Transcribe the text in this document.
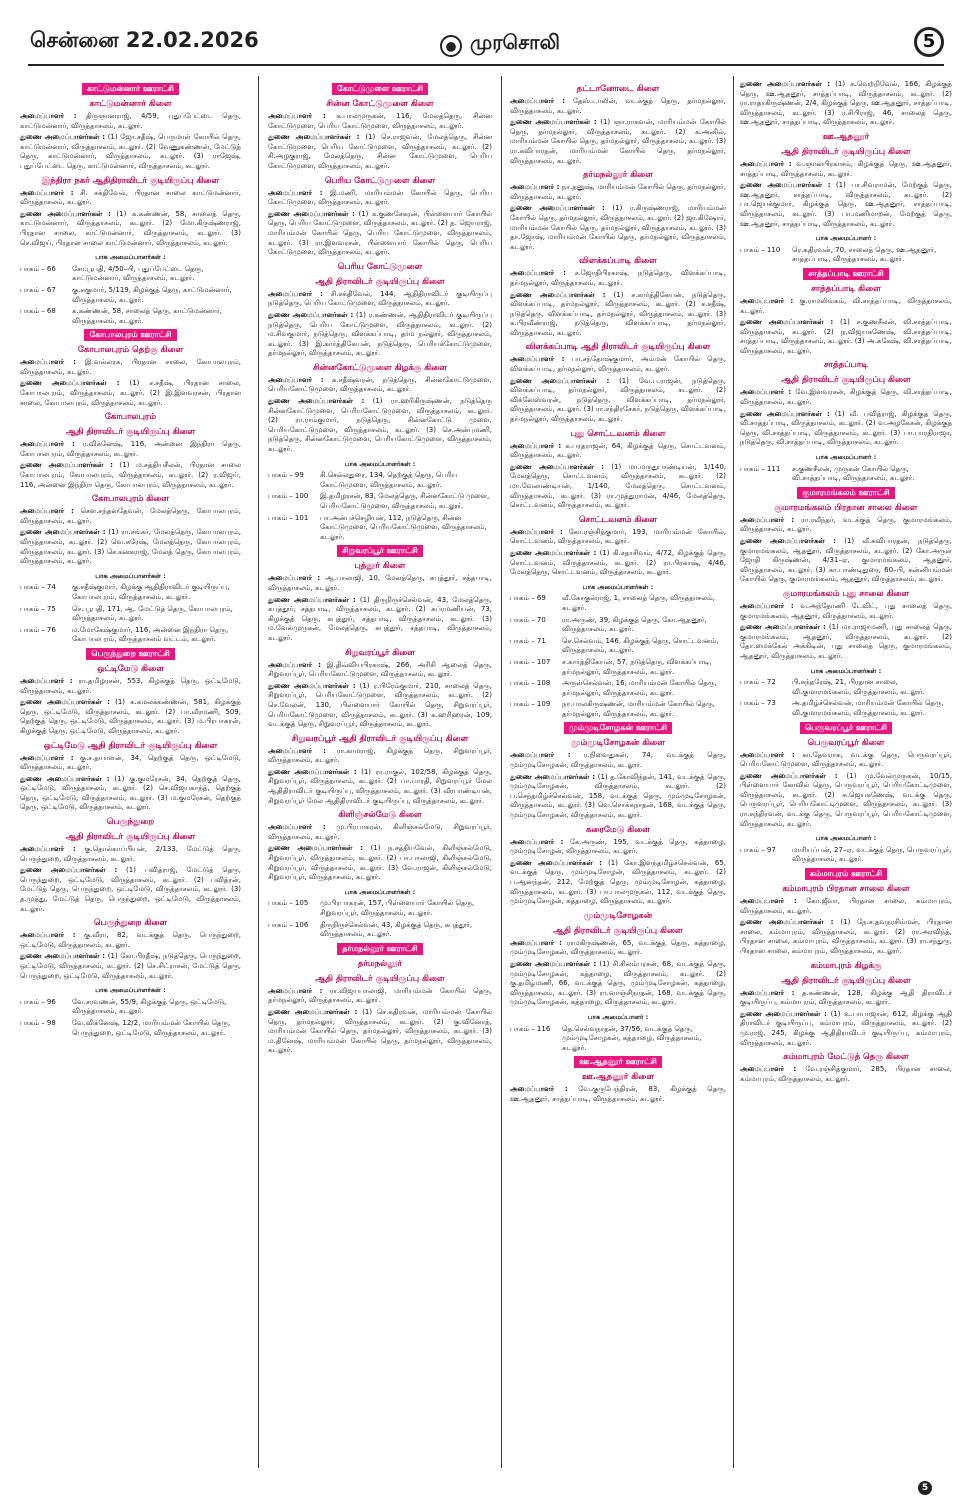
சென்னை 22.02.2026	முரசொலி	5
காட்டுமன்னார் ஊராட்சி
காட்டுமன்னார் கிளை

அமைப்பாளர் : திருஞானராஜ், 4/59, புதுப்பேட்டை தெரு, காட்டுமன்னார், விருத்தாசலம், கடலூர்.

துணை அமைப்பாளர்கள் : (1) ஜோ.சதீஷ், பெருமாள் கோயில் தெரு, காட்டுமன்னார், விருத்தாசலம், கடலூர். (2) வேணுகண்ணன், மேட்டுத் தெரு, காட்டுமன்னார், விருத்தாசலம், கடலூர். (3) ராஜேஷ், புதுப்பேட்டை தெரு, காட்டுமன்னார், விருத்தாசலம், கடலூர்.

இந்திரா நகர் ஆதிதிராவிடர் குடியிருப்பு கிளை

அமைப்பாளர் : சி. சக்திவேல், பிரதான சாலை காட்டுமன்னார், விருத்தாசலம், கடலூர்.

துணை அமைப்பாளர்கள் : (1) க.கண்ணன், 58, சாலைத் தெரு, காட்டுமன்னார், விருத்தாசலம், கடலூர். (2) மோ.கிருஷ்ணராஜ், பிரதான சாலை, காட்டுமன்னார், விருத்தாசலம், கடலூர். (3) செ.விஜய், பிரதான சாலை காட்டுமன்னார், விருத்தாசலம், கடலூர்.

பாக அமைப்பாளர்கள் :
பாகம் – 66	சோ.பூபதி, 4/50–பி, புதுப்பேட்டை தெரு, காட்டுமன்னார், விருத்தாசலம், கடலூர்.
பாகம் – 67	கு.சுகுமார், 5/119, கிழக்குத் தெரு, காட்டுமன்னார், விருத்தாசலம், கடலூர்.
பாகம் – 68	க.கண்ணன், 58, சாலைத் தெரு, காட்டுமன்னார், விருத்தாசலம், கடலூர்.
கோபாலபுரம் ஊராட்சி
கோபாலபுரம் தெற்கு கிளை

அமைப்பாளர் : இ.வல்லரசு, பிரதான சாலை, கோபாலபுரம், விருத்தாசலம், கடலூர்.

துணை அமைப்பாளர்கள் : (1) ச.சதீஷ், பிரதான சாலை, கோபாலபுரம், விருத்தாசலம், கடலூர். (2) இ.இளவரசன், பிரதான சாலை, கோபாலபுரம், விருத்தாசலம், கடலூர்.

கோபாலபுரம்
ஆதி திராவிடர் குடியிருப்பு கிளை

அமைப்பாளர் : ர.விக்னேஷ், 116, அன்னை இந்திரா தெரு, கோபாலபுரம், விருத்தாசலம், கடலூர்.

துணை அமைப்பாளர்கள் : (1) ம.சத்தியசீலன், பிரதான சாலை கோபாலபுரம், கோபாலபுரம், விருத்தாசலம், கடலூர். (2) ர.விஜய், 116, அன்னை இந்திரா தெரு, கோபாலபுரம், விருத்தாசலம், கடலூர்.

கோபாலபுரம் கிளை

அமைப்பாளர் : சௌ.சந்தனதேவன், மேலத்தெரு, கோபாலபுரம், விருத்தாசலம், கடலூர்.

துணை அமைப்பாளர்கள் : (1) ரா.சங்கர், மேலத்தெரு, கோபாலபுரம், விருத்தாசலம், கடலூர். (2) வெ.சுரேஷ், மேலத்தெரு, கோபாலபுரம், விருத்தாசலம், கடலூர். (3) செ.கனகராஜ், மேலத் தெரு, கோபாலபுரம், விருத்தாசலம், கடலூர்.

பாக அமைப்பாளர்கள் :
பாகம் – 74	கு.சதீஷ்குமார், கிழக்கு ஆதிதிராவிடர் குடியிருப்பு, கோபாலபுரம், விருத்தாசலம், கடலூர்.
பாகம் – 75	செ. பூபதி, 171, ஆ. மேட்டுத் தெரு, கோபாலபுரம், விருத்தாசலம், கடலூர்.
பாகம் – 76	ம.மோகேஷ்குமார், 116, அன்னை இந்திரா தெரு, கோபாலபுரம், விருத்தாசலம் வட்டம், கடலூர்.
பெருந்துறை ஊராட்சி
ஒட்டிமேடு கிளை

அமைப்பாளர் : ரா.தமிழரசன், 553, கிழக்குத் தெரு, ஒட்டிமேடு, விருத்தாசலம், கடலூர்.

துணை அமைப்பாளர்கள் : (1) க.கமலக்கண்ணன், 581, கிழக்குத் தெரு, ஒட்டிமேடு, விருத்தாசலம், கடலூர். (2) பா.வீரமணி, 509, தெற்குத் தெரு, ஒட்டிமேடு, விருத்தாசலம், கடலூர். (3) ம.பிரபாகரன், கிழக்குத் தெரு, ஒட்டிமேடு, விருத்தாசலம், கடலூர்.

ஒட்டிமேடு ஆதி திராவிடர் குடியிருப்பு கிளை

அமைப்பாளர் : கு.ச.தயாளன், 34, தெற்குத் தெரு, ஒட்டிமேடு, விருத்தாசலம், கடலூர்.

துணை அமைப்பாளர்கள் : (1) கு.குமரேசன், 34, தெற்குத் தெரு, ஒட்டிமேடு, விருத்தாசலம், கடலூர். (2) செ.விஜயகாந்த், தெற்குத் தெரு, ஒட்டிமேடு, விருத்தாசலம், கடலூர். (3) ம.குமரேசன், தெற்குத் தெரு, ஒட்டிமேடு, விருத்தாசலம், கடலூர்.

பெருந்துறை
ஆதி திராவிடர் குடியிருப்பு கிளை

அமைப்பாளர் : கு.தொல்காப்பியன், 2/133, மேட்டுத் தெரு, பெருந்துறை, விருத்தாசலம், கடலூர்.

துணை அமைப்பாளர்கள் : (1) பவித்ராஜ், மேட்டுத் தெரு, பெருந்துறை, ஒட்டிமேடு, விருத்தாசலம், கடலூர். (2) பவித்ரன், மேட்டுத் தெரு, பெருந்துறை, ஒட்டிமேடு, விருத்தாசலம், கடலூர். (3) த.முத்து, மேட்டுத் தெரு, பெருந்துறை, ஒட்டிமேடு, விருத்தாசலம், கடலூர்.

பெருந்துறை கிளை

அமைப்பாளர் : கு.வீரா, 82, வடக்குத் தெரு, பெருந்துறை, ஒட்டிமேடு, விருத்தாசலம், கடலூர்.

துணை அமைப்பாளர்கள் : (1) கோ.பிரதீஷ், நடுத்தெரு, பெருந்துறை, ஒட்டிமேடு, விருத்தாசலம், கடலூர். (2) செ.சிட்ராசன், மேட்டுத் தெரு, பெருந்துறை, ஒட்டிமேடு, விருத்தாசலம், கடலூர்.

பாக அமைப்பாளர்கள் :
பாகம் – 96	வே.சரவணன், 55/9, கிழக்குத் தெரு, ஒட்டிமேடு, விருத்தாசலம், கடலூர்.
பாகம் – 98	வே.விக்னேஷ், 12/2, மாரியம்மன் கோயில் தெரு, பெருந்துறை, ஒட்டிமேடு, விருத்தாசலம், கடலூர்.
கோட்டுமுளை ஊராட்சி
சின்ன கோட்டுமுளை கிளை

அமைப்பாளர் : க.பாலமுருகன், 116, மேலத்தெரு, சின்ன கோட்டுமுளை, பெரிய கோட்டுமுளை, விருத்தாசலம், கடலூர்.

துணை அமைப்பாளர்கள் : (1) செ.ராஜவன், மேலத்தெரு, சின்ன கோட்டுமுளை, பெரிய கோட்டுமுளை, விருத்தாசலம், கடலூர். (2) சி.அழகுராஜ், மேலத்தெரு, சின்ன கோட்டுமுளை, பெரிய கோட்டுமுளை, விருத்தாசலம், கடலூர்.

பெரிய கோட்டுமுளை கிளை

அமைப்பாளர் : இ.மணி, மாரியம்மன் கோயில் தெரு, பெரிய கோட்டுமுளை, விருத்தாசலம், கடலூர்.

துணை அமைப்பாளர்கள் : (1) க.குணசேகரன், பிள்ளையார் கோயில் தெரு, பெரிய கோட்டுமுளை, விருத்தாசலம், கடலூர். (2) த. ஜெயராஜ், மாரியம்மன் கோயில் தெரு, பெரிய கோட்டுமுளை, விருத்தாசலம், கடலூர். (3) ரா.இளவரசன், பிள்ளையார் கோயில் தெரு, பெரிய கோட்டுமுளை, விருத்தாசலம், கடலூர்.

பெரிய கோட்டுமுளை
ஆதி திராவிடர் குடியிருப்பு கிளை

அமைப்பாளர் : சி.சக்திவேல், 144, ஆதிதிராவிடர் குடியிருப்பு நடுத்தெரு, பெரிய கோட்டுமுளை, விருத்தாசலம், கடலூர்.

துணை அமைப்பாளர்கள் : (1) ர.கண்ணன், ஆதிதிராவிடர் குடியிருப்பு நடுத்தெரு, பெரிய கோட்டுமுளை, விருத்தாசலம், கடலூர். (2) ம.சிவகுமார், நடுத்தெரு, விளக்கப்பாடி, தர்ம நல்லூர், விருத்தாசலம், கடலூர். (3) இ.கார்த்திகேயன், நடுத்தெரு, பெரியக்கோட்டுமுளை, தர்மநல்லூர், விருத்தாசலம், கடலூர்.

சின்னகோட்டுமுளை கிழக்கு கிளை

அமைப்பாளர் : க.சதீஷ்வரன், நடுத்தெரு, சின்னகோட்டுமுளை, பெரியகோட்டுமுளை, விருத்தாசலம், கடலூர்.

துணை அமைப்பாளர்கள் : (1) ரா.ஹரிகிருஷ்ணன், நடுத்தெரு சின்னகோட்டுமுளை, பெரியகோட்டுமுளை, விருத்தாசலம், கடலூர். (2) ரா.ராம்குமார், நடுத்தெரு, சின்னகோட்டு முளை, பெரியகோட்டுமுளை, விருத்தாசலம், கடலூர். (3) செ.அன்புமணி, நடுத்தெரு, சின்னகோட்டுமுளை, பெரியகோட்டுமுளை, விருத்தாசலம், கடலூர்.

பாக அமைப்பாளர்கள் :
பாகம் – 99	சி.செல்லதுரை, 134, தெற்குத் தெரு, பெரிய கோட்டுமுளை, விருத்தாசலம், கடலூர்.
பாகம் – 100	இ.தமிழரசன், 83, மேலத்தெரு, சின்னகோட்டு முளை, பெரியகோட்டுமுளை, விருத்தாசலம், கடலூர்.
பாகம் – 101	பா.அன்புச்செழியன், 112, நடுத்தெரு, சின்ன கோட்டுமுளை, பெரியகோட்டுமுளை, விருத்தாசலம், கடலூர்.
சிறுவரப்பூர் ஊராட்சி
புத்தூர் கிளை

அமைப்பாளர் : ஆ.பாலாஜி, 10, மேலத்தெரு, கபுத்தூர், சத்தபாடி, விருத்தாசலம், கடலூர்.

துணை அமைப்பாளர்கள் : (1) திருநிருச்செல்வன், 43, மேலத்தெரு, கபுத்தூர், சத்தபாடி, விருத்தாசலம், கடலூர். (2) சுப்ரமணியன், 73, கிழக்குத் தெரு, கபுத்தூர், சத்தபாடி, விருத்தாசலம், கடலூர். (3) ம.வேல்முருகன், மேலத்தெரு, கபுத்தூர், சத்தபாடி, விருத்தாசலம், கடலூர்.

சிறுவரப்பூர் கிளை

அமைப்பாளர் : இ.திவ்வியபிரகாஷ், 266, அரிசி ஆலைத் தெரு, சிறுவரப்பூர், பெரியகோட்டுமுளை, விருத்தாசலம், கடலூர்.

துணை அமைப்பாளர்கள் : (1) ர.பிரேம்குமார், 210, சாலைத் தெரு, சிறுவரப்பூர், பெரியகோட்டுமுளை, விருத்தாசலம், கடலூர். (2) செ.வேலன், 130, பிள்ளையார் கோயில் தெரு, சிறுவரப்பூர், பெரியகோட்டுமுளை, விருத்தாசலம், கடலூர். (3) க.ஹரிஹரன், 109, வடக்குத் தெரு, சிறுவரப்பூர், விருத்தாசலம், கடலூர்.

சிறுவரப்பூர் ஆதி திராவிடர் குடியிருப்பு கிளை

அமைப்பாளர் : ரா.காமராஜ், கிழக்குத் தெரு, சிறுவரப்பூர், விருத்தாசலம், கடலூர்.

துணை அமைப்பாளர்கள் : (1) ரா.ராகுல், 102/58, கிழக்குத் தெரு, சிறுவரப்பூர், விருத்தாசலம், கடலூர். (2) பா.பாரதி, சிறுவரப்பூர் மேல ஆதிதிராவிடர் குடியிருப்பு, விருத்தாசலம், கடலூர். (3) வீரபாண்டியன், சிறுவரப்பூர் மேல ஆதிதிராவிடர் குடியிருப்பு, விருத்தாசலம், கடலூர்.

கிளிஞ்சல்மேடு கிளை

அமைப்பாளர் : மு.பிரபாகரன், கிளிஞ்சல்மேடு, சிறுவரப்பூர், விருத்தாசலம், கடலூர்.

துணை அமைப்பாளர்கள் : (1) ந.சத்தியவேல், கிளிஞ்சல்மேடு, சிறுவரப்பூர், விருத்தாசலம், கடலூர். (2) பா.பாலாஜி, கிளிஞ்சல்மேடு, சிறுவரப்பூர், விருத்தாசலம், கடலூர். (3) வே.ராஜன், கிளிஞ்சல்மேடு, சிறுவரப்பூர், விருத்தாசலம், கடலூர்.

பாக அமைப்பாளர்கள் :
பாகம் – 105	மு.பிரபாகரன், 157, பிள்ளையார் கோயில் தெரு, சிறுவரப்பூர், விருத்தாசலம், கடலூர்.
பாகம் – 106	திருநிருச்செல்வன், 43, கிழக்குத் தெரு, கபுத்தூர், விருத்தாசலம், கடலூர்.
தர்மநல்லூர் ஊராட்சி
தர்மநல்லூர்
ஆதி திராவிடர் குடியிருப்பு கிளை

அமைப்பாளர் : ரா.விஜயபாலாஜி, மாரியம்மன் கோயில் தெரு, தர்மநல்லூர், விருத்தாசலம், கடலூர்.

துணை அமைப்பாளர்கள் : (1) செ.கதிரவன், மாரியம்மன் கோயில் தெரு, தர்மநல்லூர், விருத்தாசலம், கடலூர். (2) கு.வினோத், மாரியம்மன் கோயில் தெரு, தர்மநல்லூர், விருத்தாசலம், கடலூர். (3) ம.தினேஷ், மாரியம்மன் கோயில் தெரு, தர்மநல்லூர், விருத்தாசலம், கடலூர்.

தட்டானோடை கிளை

அமைப்பாளர் : தேஸ்.டாலின், வடக்குத் தெரு, தர்மநல்லூர், விருத்தாசலம், கடலூர்.

துணை அமைப்பாளர்கள் : (1) ஞா.ராகவன், மாரியம்மன் கோயில் தெரு, தர்மநல்லூர், விருத்தாசலம், கடலூர். (2) க.அனில், மாரியம்மன் கோயில் தெரு, தர்மநல்லூர், விருத்தாசலம், கடலூர். (3) ரா.கவிபாரதன், மாரியம்மன் கோயில் தெரு, தர்மநல்லூர், விருத்தாசலம், கடலூர்.

தர்மநல்லூர் கிளை

அமைப்பாளர் : நா.தனுஷ், மாரியம்மன் கோயில் தெரு, தர்மநல்லூர், விருத்தாசலம், கடலூர்.

துணை அமைப்பாளர்கள் : (1) ர.கிருஷ்ணராஜ், மாரியம்மன் கோயில் தெரு, தர்மநல்லூர், விருத்தாசலம், கடலூர். (2) ஜா.கிஷோர், மாரியம்மன் கோயில் தெரு, தர்மநல்லூர், விருத்தாசலம், கடலூர். (3) தா.ஜோஷ், மாரியம்மன் கோயில் தெரு, தர்மநல்லூர், விருத்தாசலம், கடலூர்.

விளக்கப்பாடி கிளை

அமைப்பாளர் : ச.ஜோதிபிரகாஷ், நடுத்தெரு, விளக்கப்பாடி, தர்மநல்லூர், விருத்தாசலம், கடலூர்.

துணை அமைப்பாளர்கள் : (1) ச.கார்த்திகேயன், நடுத்தெரு, விளக்கப்பாடி, தர்மநல்லூர், விருத்தாசலம், கடலூர். (2) ச.சதீஷ், நடுத்தெரு, விளக்கப்பாடி, தர்மநல்லூர், விருத்தாசலம், கடலூர். (3) க.பிரவீண்ராஜ், நடுத்தெரு, விளக்கப்பாடி, தர்மநல்லூர், விருத்தாசலம், கடலூர்.

விளக்கப்பாடி ஆதி திராவிடர் குடியிருப்பு கிளை

அமைப்பாளர் : பா.சந்தோஷ்குமார், அம்மன் கோயில் தெரு, விளக்கப்பாடி, தர்மநல்லூர், விருத்தாசலம், கடலூர்.

துணை அமைப்பாளர்கள் : (1) வே.ப.ராஜன், நடுத்தெரு, விளக்கப்பாடி, தர்மநல்லூர், விருத்தாசலம், கடலூர். (2) விக்னேஸ்வரன், நடுத்தெரு, விளக்கப்பாடி, தர்மநல்லூர், விருத்தாசலம், கடலூர். (3) ரா.சந்திரசேகர், நடுத்தெரு, விளக்கப்பாடி, தர்மநல்லூர், விருத்தாசலம், கடலூர்.

புது சொட்டவனம் கிளை

அமைப்பாளர் : க.பரதராஜன், 64, கிழக்குத் தெரு, சொட்டவனம், விருத்தாசலம், கடலூர்.

துணை அமைப்பாளர்கள் : (1) மா.மருதுபாண்டியன், 1/140, மேலத்தெரு, சொட்டவனம், விருத்தாசலம், கடலூர். (2) மா.வேலாண்டியன், 1/140, மேலத்தெரு, சொட்டவனம், விருத்தாசலம், கடலூர். (3) ரா.முத்துராமன், 4/46, மேலத்தெரு, சொட்டவனம், விருத்தாசலம், கடலூர்.

சொட்டவனம் கிளை

அமைப்பாளர் : கோ.ரஞ்சித்குமார், 193, மாரியம்மன் கோயில், சொட்டவனம், விருத்தாசலம், கடலூர்.

துணை அமைப்பாளர்கள் : (1) கி.சதாசிவம், 4/72, கிழக்குத் தெரு, சொட்டவனம், விருத்தாசலம், கடலூர். (2) ரா.பிரகாஷ், 4/46, மேலத்தெரு, சொட்டவனம், விருத்தாசலம், கடலூர்.

பாக அமைப்பாளர்கள் :
பாகம் – 69	வீ.கோகுல்ராஜ், 1, சாலைத் தெரு, விருத்தாசலம், கடலூர்.
பாகம் – 70	ரா.அருண், 39, கிழக்குத் தெரு, கோ.ஆதனூர், விருத்தாசலம், கடலூர்.
பாகம் – 71	செ.செல்வம், 146, கிழக்குத் தெரு, சொட்டவனம், விருத்தாசலம், கடலூர்.
பாகம் – 107	ச.கார்த்திகேயன், 57, நடுத்தெரு, விளக்கப்பாடி, தர்மநல்லூர், விருத்தாசலம், கடலூர்.
பாகம் – 108	அருள்செல்வன், 16, மாரியம்மன் கோயில் தெரு, தர்மநல்லூர், விருத்தாசலம், கடலூர்.
பாகம் – 109	நா.பாலகிருஷ்ணன், மாரியம்மன் கோயில் தெரு, தர்மநல்லூர், விருத்தாசலம், கடலூர்.
மும்முடிசோழகன் ஊராட்சி
மும்முடிசோழகன் கிளை

அமைப்பாளர் : ர.நிவைதுகன், 74, வடக்குத் தெரு, மும்முடிசோழகன், விருத்தாசலம், கடலூர்.

துணை அமைப்பாளர்கள் : (1) த.கோவிந்தன், 141, வடக்குத் தெரு, மும்முடிசோழகன், விருத்தாசலம், கடலூர். (2) ப.செந்தமிழ்ச்செல்வன், 158, வடக்குத் தெரு, மும்முடிசோழகன், விருத்தாசலம், கடலூர். (3) வெ.சொக்கநாதன், 168, வடக்குத் தெரு, மும்முடிசோழகன், விருத்தாசலம், கடலூர்.

கரைமேடு கிளை

அமைப்பாளர் : கே.அருண், 195, வடக்குத் தெரு, கத்தாழை, மும்முடிசோழன், விருத்தாசலம், கடலூர்.

துணை அமைப்பாளர்கள் : (1) கோ.இளந்தமிழ்ச்செல்வன், 65, வடக்குத் தெரு, மும்முடிசோழன், விருத்தாசலம், கடலூர். (2) ப.ஆனந்தன், 212, மேற்குத் தெரு, மும்முடிசோழன், கத்தாழை, விருத்தாசலம், கடலூர். (3) பா.பாலமுருகன், 112, வடக்குத் தெரு, மும்முடிசோழன், கத்தாழை, விருத்தாசலம், கடலூர்.

மும்முடிசோழகன்
ஆதி திராவிடர் குடியிருப்பு கிளை

அமைப்பாளர் : ராமகிருஷ்ணன், 65, வடக்குத் தெரு, கத்தாழை, மும்முடிசோழகன், விருத்தாசலம், கடலூர்.

துணை அமைப்பாளர்கள் : (1) சி.சிலம்பரசன், 68, வடக்குத் தெரு, மும்முடிசோழகன், கத்தாழை, விருத்தாசலம், கடலூர். (2) கு.தமிழ்மணி, 66, வடக்குத் தெரு, மும்முடிசோழகன், கத்தாழை, விருத்தாசலம், கடலூர். (3) ரா.வாஞ்சிநாதன், 168, வடக்குத் தெரு, மும்முடிசோழகன், கத்தாழை, விருத்தாசலம், கடலூர்.

பாக அமைப்பாளர் :
பாகம் – 116	தெ.செல்வநாதன், 37/56, வடக்குத் தெரு, மும்முடிசோழகன், கத்தாழை, விருத்தாசலம், கடலூர்.
ஊ.ஆதனூர் ஊராட்சி
ஊ.ஆதனூர் கிளை

அமைப்பாளர் : வே.குருபேந்திரன், 83, கிழக்குத் தெரு, ஊ.ஆதனூர், சாத்தப்பாடி, விருத்தாசலம், கடலூர்.

துணை அமைப்பாளர்கள் : (1) க.வெற்றிவேல், 166, கிழக்குத் தெரு, ஊ.ஆதனூர், சாத்தப்பாடி, விருத்தாசலம், கடலூர். (2) ரா.ராதாகிருஷ்ணன், 2/4, கிழக்குத் தெரு, ஊ.ஆதனூர், சாத்தப்பாடி, விருத்தாசலம், கடலூர். (3) ர.சிபிராஜ், 46, சாலைத் தெரு, ஊ.ஆதனூர், சாத்தப்பாடி, விருத்தாசலம், கடலூர்.

ஊ.ஆதனூர்
ஆதி திராவிடர் குடியிருப்பு கிளை

அமைப்பாளர் : வ.ஞானபிரகாசம், கிழக்குத் தெரு, ஊ.ஆதனூர், சாத்தப்பாடி, விருத்தாசலம், கடலூர்.

துணை அமைப்பாளர்கள் : (1) பா.சிவராமன், மேற்குத் தெரு, ஊ.ஆதனூர், சாத்தப்பாடி, விருத்தாசலம், கடலூர். (2) பா.ஜெயக்குமார், கிழக்குத் தெரு, ஊ.ஆதனூர், சாத்தப்பாடி, விருத்தாசலம், கடலூர். (3) பா.மணிமாறன், மேற்குத் தெரு, ஊ.ஆதனூர், சாத்தப்பாடி, விருத்தாசலம், கடலூர்.

பாக அமைப்பாளர் :
பாகம் – 110	ரெ.சுதிரவன், 70, சாலைத் தெரு, ஊ.ஆதனூர், சாத்தப்பாடி, விருத்தாசலம், கடலூர்.
சாத்தப்பாடி ஊராட்சி
சாத்தப்பாடி கிளை

அமைப்பாளர் : கு.ராமலிங்கம், வி.சாத்தப்பாடி, விருத்தாசலம், கடலூர்.

துணை அமைப்பாளர்கள் : (1) ச.குணசீலன், வி.சாத்தப்பாடி, விருத்தாசலம், கடலூர். (2) ந.விஜயகணேஷ், வி.சாத்தப்பாடி, சாத்தப்பாடி, விருத்தாசலம், கடலூர். (3) அ.சுகேஷ், வி.சாத்தப்பாடி, விருத்தாசலம், கடலூர்.

சாத்தப்பாடி
ஆதி திராவிடர் குடியிருப்பு கிளை

அமைப்பாளர் : வே.இளவரசன், கிழக்குத் தெரு, வி.சாத்தப்பாடி, விருத்தாசலம், கடலூர்.

துணை அமைப்பாளர்கள் : (1) வீ. பவித்ராஜ், கிழக்குத் தெரு, வி.சாத்தப்பாடி, விருத்தாசலம், கடலூர். (2) வ.அழகேசன், கிழக்குத் தெரு, வி.சாத்தப்பாடி, விருத்தாசலம், கடலூர். (3) பா.பாரதிராஜா, நடுத்தெரு, வி.சாத்தப்பாடி, விருத்தாசலம், கடலூர்.

பாக அமைப்பாளர் :
பாகம் – 111	ச.குணசீலன், முருகன் கோயில் தெரு, வி.சாத்தப்பாடி, விருத்தாசலம், கடலூர்.
குமாரமங்கலம் ஊராட்சி
குமாரமங்கலம் பிரதான சாலை கிளை

அமைப்பாளர் : ரா.ரவீந்தர், வடக்குத் தெரு, குமாரமங்கலம், விருத்தாசலம், கடலூர்.

துணை அமைப்பாளர்கள் : (1) வீ.சுவிபாரதன், நடுத்தெரு, குமாரமங்கலம், ஆதனூர், விருத்தாசலம், கடலூர். (2) கோ.அருள் ஜோதி கிருஷ்ணன், 4/31–ஏ, குமாரமங்கலம், ஆதனூர், விருத்தாசலம், கடலூர். (3) கா.பாண்டிதுரை, 60–பி, கன்னியம்மன் கோயில் தெரு, குமாரமங்கலம், ஆதனூர், விருத்தாசலம், கடலூர்.

குமாரமங்கலம் புது சாலை கிளை

அமைப்பாளர் : வ.அந்தோணி டேவிட், புது சாலைத் தெரு, குமாரமங்கலம், ஆதனூர், விருத்தாசலம், கடலூர்.

துணை அமைப்பாளர்கள் : (1) மா.ராஜாமணி, புது சாலைத் தெரு, குமாரமங்கலம், ஆதனூர், விருத்தாசலம், கடலூர். (2) தோ.மைக்கேல் அக்கிடின், புது சாலைத் தெரு, குமாரமங்கலம், ஆதனூர், விருத்தாசலம், கடலூர்.

பாக அமைப்பாளர்கள் :
பாகம் – 72	பி.சுந்தரேஷ், 21, பிரதான சாலை, வி.குமாரமங்கலம், விருத்தாசலம், கடலூர்.
பாகம் – 73	அ.தமிழ்ச்செல்வன், மாரியம்மன் கோயில் தெரு, வி.குமாரமங்கலம், விருத்தாசலம், கடலூர்.
பெருவரப்பூர் ஊராட்சி
பெருவரப்பூர் கிளை

அமைப்பாளர் : கா.தேவராசு, வடக்கு தெரு, பெருவரப்பூர், பெரியகோட்டுமுளை, விருத்தாசலம், கடலூர்.

துணை அமைப்பாளர்கள் : (1) மு.வேல்முருகன், 10/15, பிள்ளையார் கோவில் தெரு, பெருவரப்பூர், பெரியகோட்டிமுளை, விருத்தாசலம், கடலூர். (2) சு.ஜெயகணேஷ், வடக்கு தெரு, பெருவரப்பூர், பெரியகோட்டிமுளை, விருத்தாசலம், கடலூர். (3) ரா.சுந்திரவன், வடக்கு தெரு, பெருவரப்பூர், பெரியகோட்டிமுளை, விருத்தாசலம், கடலூர்.

பாக அமைப்பாளர் :
பாகம் – 97	மாரியப்பன், 27–ஏ, வடக்குத் தெரு, பெருவரப்பூர், விருத்தாசலம், கடலூர்.
கம்மாபுரம் ஊராட்சி
கம்மாபுரம் பிரதான சாலை கிளை

அமைப்பாளர் : கோ.ஜீவா, பிரதான சாலை, கம்மாபுரம், விருத்தாசலம், கடலூர்.

துணை அமைப்பாளர்கள் : (1) நே.ச.தவநரசிம்மன், பிரதான சாலை, கம்மாபுரம், விருத்தாசலம், கடலூர். (2) ரா.அரவிந்த், பிரதான சாலை, கம்மாபுரம், விருத்தாசலம், கடலூர். (3) ரா.சந்துரு, பிரதான சாலை, கம்மாபுரம், விருத்தாசலம், கடலூர்.

கம்மாபுரம் கிழக்கு
ஆதி திராவிடர் குடியிருப்பு கிளை

அமைப்பாளர் : த.கண்ணன், 128, கிழக்கு ஆதி திராவிடர் குடியிருப்பு, கம்மாபுரம், விருத்தாசலம், கடலூர்.

துணை அமைப்பாளர்கள் : (1) உ.பாபாஜான், 612, கிழக்கு ஆதி திராவிடர் குடியிருப்பு, கம்மாபுரம், விருத்தாசலம், கடலூர். (2) மு.ராஜ், 245, கிழக்கு ஆதிதிராவிடர் குடியிருப்பு, கம்மாபுரம், விருத்தாசலம், கடலூர்.

கம்மாபுரம் மேட்டுத் தெரு கிளை

அமைப்பாளர் : வே.ரஞ்சித்குமார், 285, பிரதான சாலை, கம்மாபுரம், விருத்தாசலம், கடலூர்.

5
